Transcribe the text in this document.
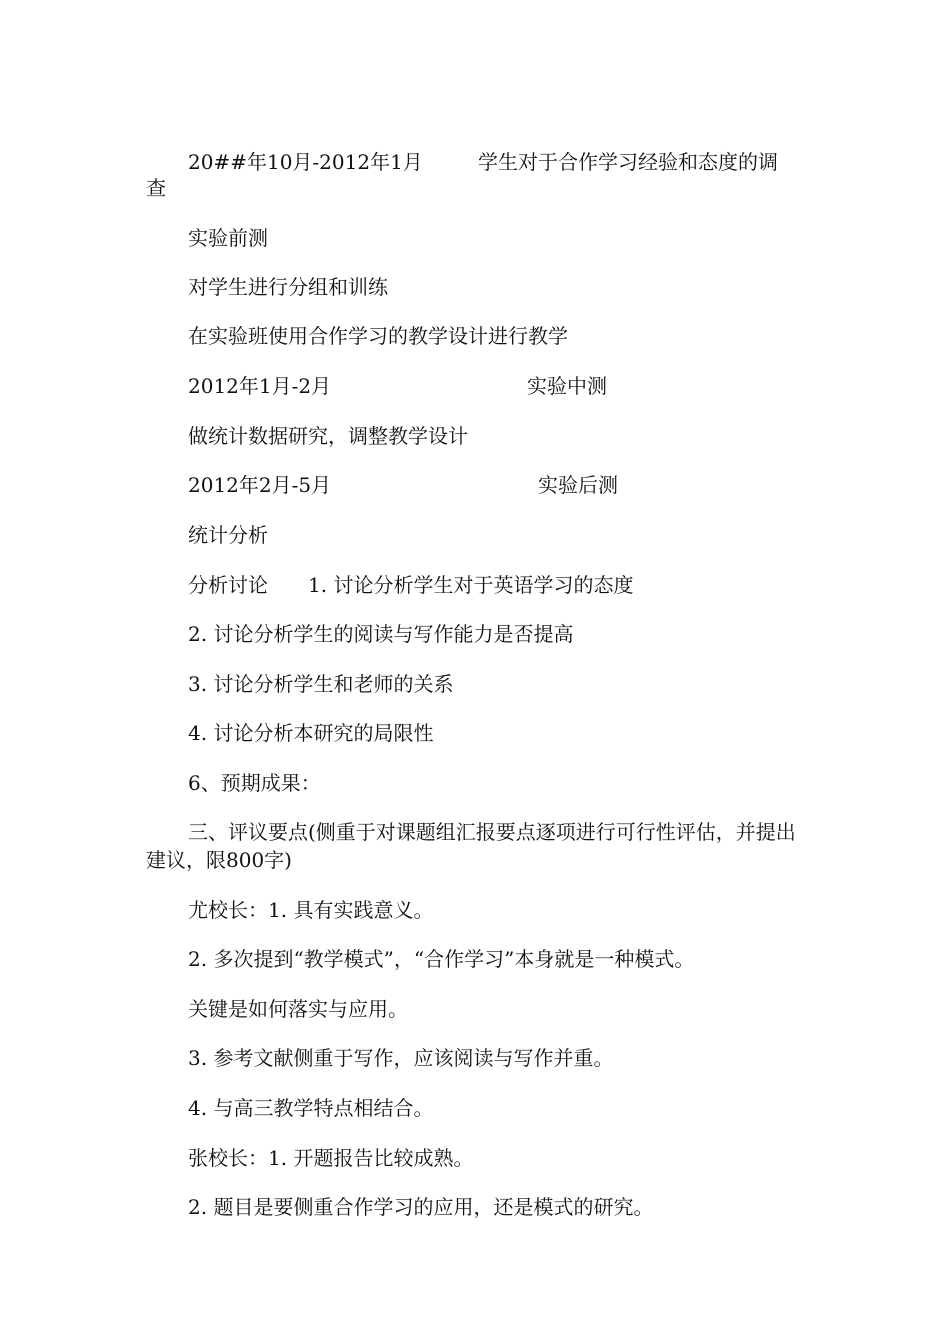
20##年10月-2012年1月	学生对于合作学习经验和态度的调
查
实验前测
对学生进行分组和训练
在实验班使用合作学习的教学设计进行教学
2012年1月-2月	实验中测
做统计数据研究，调整教学设计
2012年2月-5月	实验后测
统计分析
分析讨论　　1. 讨论分析学生对于英语学习的态度
2. 讨论分析学生的阅读与写作能力是否提高
3. 讨论分析学生和老师的关系
4. 讨论分析本研究的局限性
6、预期成果：
三、评议要点(侧重于对课题组汇报要点逐项进行可行性评估，并提出建议，限800字)
尤校长：1. 具有实践意义。
2. 多次提到“教学模式”，“合作学习”本身就是一种模式。
关键是如何落实与应用。
3. 参考文献侧重于写作，应该阅读与写作并重。
4. 与高三教学特点相结合。
张校长：1. 开题报告比较成熟。
2. 题目是要侧重合作学习的应用，还是模式的研究。
